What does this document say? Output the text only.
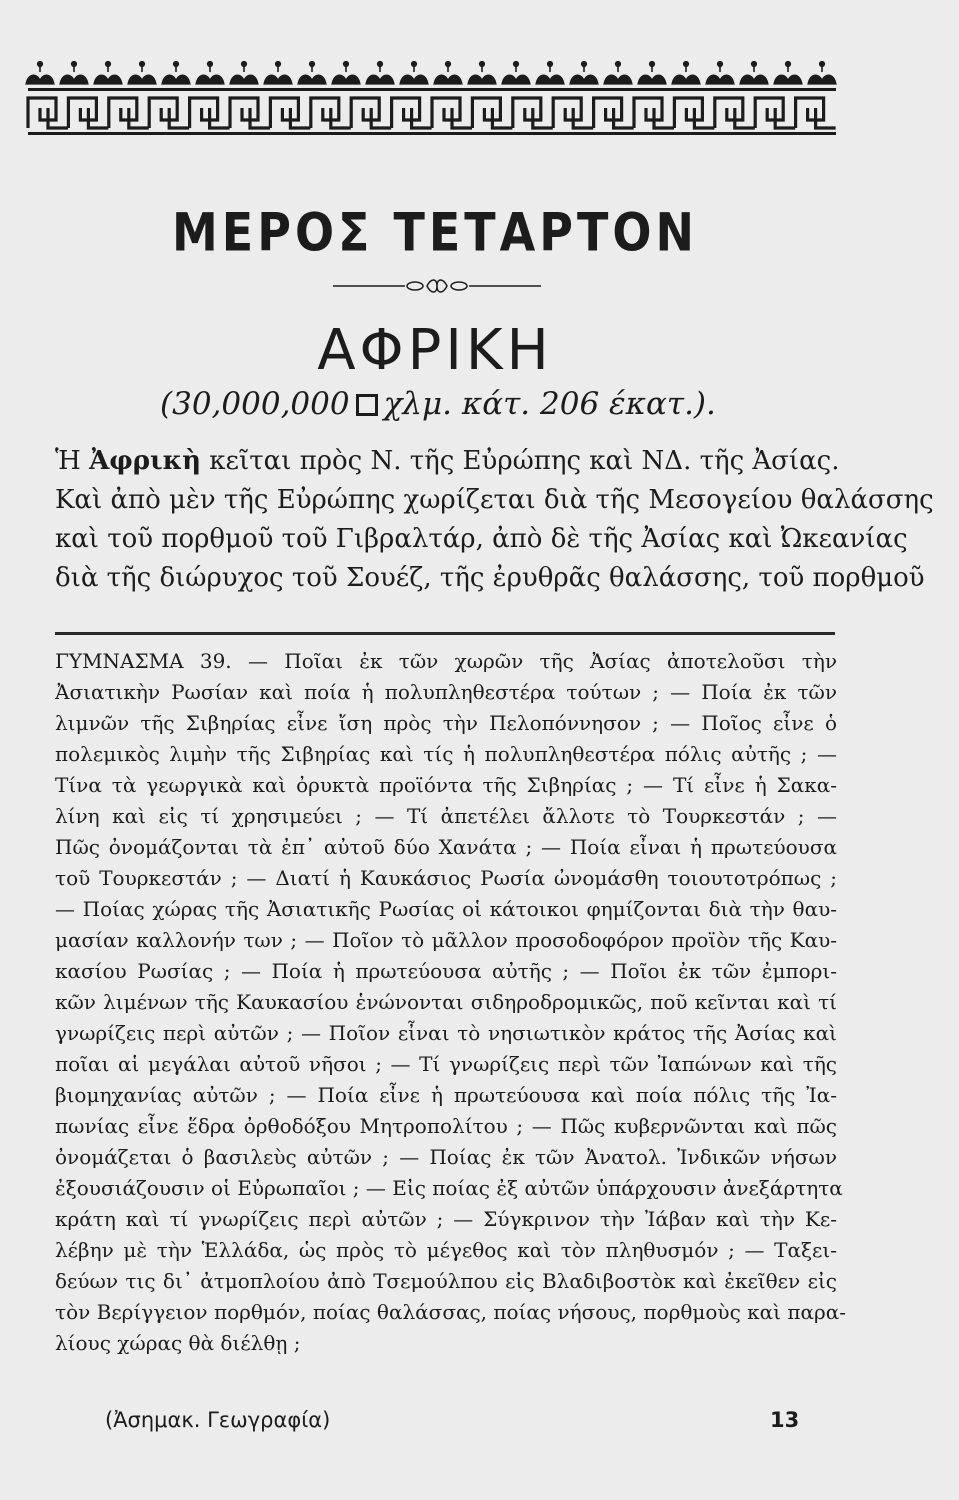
ΜΕΡΟΣ ΤΕΤΑΡΤΟΝ
ΑΦΡΙΚΗ
(30,000,000 χλμ. κάτ. 206 έκατ.).
Ἡ Ἀφρικὴ κεῖται πρὸς Ν. τῆς Εὐρώπης καὶ ΝΔ. τῆς Ἀσίας.
Καὶ ἀπὸ μὲν τῆς Εὐρώπης χωρίζεται διὰ τῆς Μεσογείου θαλάσσης
καὶ τοῦ πορθμοῦ τοῦ Γιβραλτάρ, ἀπὸ δὲ τῆς Ἀσίας καὶ Ὠκεανίας
διὰ τῆς διώρυχος τοῦ Σουέζ, τῆς ἐρυθρᾶς θαλάσσης, τοῦ πορθμοῦ
ΓΥΜΝΑΣΜΑ 39. — Ποῖαι ἐκ τῶν χωρῶν τῆς Ἀσίας ἀποτελοῦσι τὴν
Ἀσιατικὴν Ρωσίαν καὶ ποία ἡ πολυπληθεστέρα τούτων ; — Ποία ἐκ τῶν
λιμνῶν τῆς Σιβηρίας εἶνε ἴση πρὸς τὴν Πελοπόννησον ; — Ποῖος εἶνε ὁ
πολεμικὸς λιμὴν τῆς Σιβηρίας καὶ τίς ἡ πολυπληθεστέρα πόλις αὐτῆς ; —
Τίνα τὰ γεωργικὰ καὶ ὀρυκτὰ προϊόντα τῆς Σιβηρίας ; — Τί εἶνε ἡ Σακα-
λίνη καὶ εἰς τί χρησιμεύει ; — Τί ἀπετέλει ἄλλοτε τὸ Τουρκεστάν ; —
Πῶς ὀνομάζονται τὰ ἐπ᾽ αὐτοῦ δύο Χανάτα ; — Ποία εἶναι ἡ πρωτεύουσα
τοῦ Τουρκεστάν ; — Διατί ἡ Καυκάσιος Ρωσία ὠνομάσθη τοιουτοτρόπως ;
— Ποίας χώρας τῆς Ἀσιατικῆς Ρωσίας οἱ κάτοικοι φημίζονται διὰ τὴν θαυ-
μασίαν καλλονήν των ; — Ποῖον τὸ μᾶλλον προσοδοφόρον προϊὸν τῆς Καυ-
κασίου Ρωσίας ; — Ποία ἡ πρωτεύουσα αὐτῆς ; — Ποῖοι ἐκ τῶν ἐμπορι-
κῶν λιμένων τῆς Καυκασίου ἑνώνονται σιδηροδρομικῶς, ποῦ κεῖνται καὶ τί
γνωρίζεις περὶ αὐτῶν ; — Ποῖον εἶναι τὸ νησιωτικὸν κράτος τῆς Ἀσίας καὶ
ποῖαι αἱ μεγάλαι αὐτοῦ νῆσοι ; — Τί γνωρίζεις περὶ τῶν Ἰαπώνων καὶ τῆς
βιομηχανίας αὐτῶν ; — Ποία εἶνε ἡ πρωτεύουσα καὶ ποία πόλις τῆς Ἰα-
πωνίας εἶνε ἕδρα ὀρθοδόξου Μητροπολίτου ; — Πῶς κυβερνῶνται καὶ πῶς
ὀνομάζεται ὁ βασιλεὺς αὐτῶν ; — Ποίας ἐκ τῶν Ἀνατολ. Ἰνδικῶν νήσων
ἐξουσιάζουσιν οἱ Εὐρωπαῖοι ; — Εἰς ποίας ἐξ αὐτῶν ὑπάρχουσιν ἀνεξάρτητα
κράτη καὶ τί γνωρίζεις περὶ αὐτῶν ; — Σύγκρινον τὴν Ἰάβαν καὶ τὴν Κε-
λέβην μὲ τὴν Ἑλλάδα, ὡς πρὸς τὸ μέγεθος καὶ τὸν πληθυσμόν ; — Ταξει-
δεύων τις δι᾽ ἀτμοπλοίου ἀπὸ Τσεμούλπου εἰς Βλαδιβοστὸκ καὶ ἐκεῖθεν εἰς
τὸν Βερίγγειον πορθμόν, ποίας θαλάσσας, ποίας νήσους, πορθμοὺς καὶ παρα-
λίους χώρας θὰ διέλθῃ ;
(Ἀσημακ. Γεωγραφία)	13
